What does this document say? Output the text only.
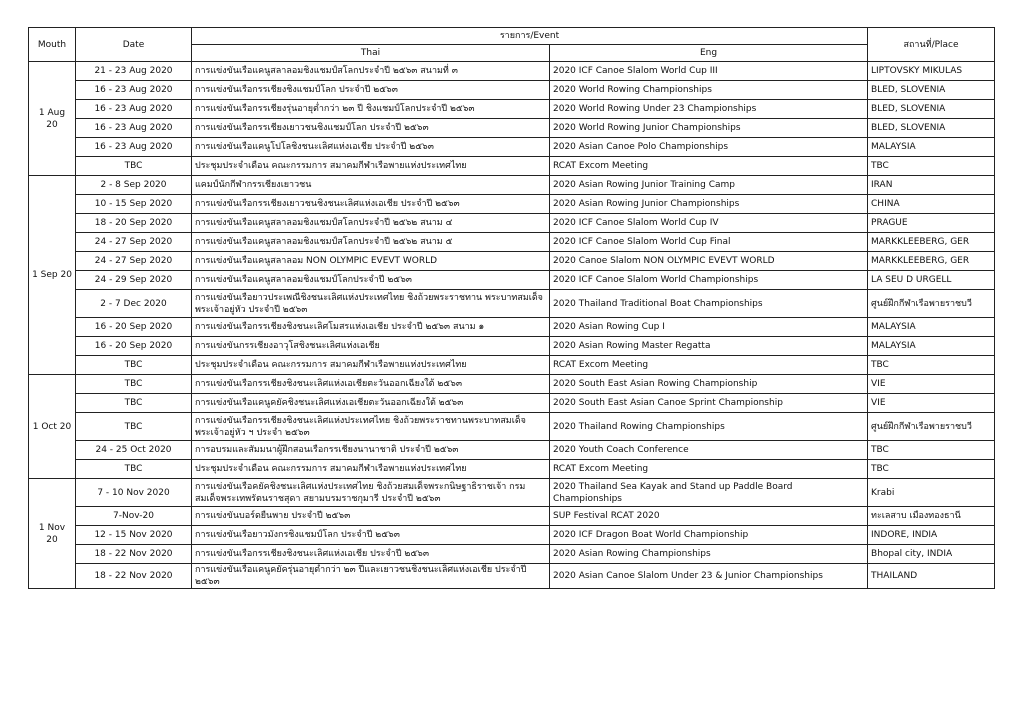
Mouth	Date	รายการ/Event		สถานที่/Place
		Thai	Eng	
1 Aug 20	21 - 23 Aug 2020	การแข่งขันเรือแคนูสลาลอมชิงแชมป์สโลกประจำปี ๒๕๖๓ สนามที่ ๓	2020 ICF Canoe Slalom World Cup III	LIPTOVSKY MIKULAS
	16 - 23 Aug 2020	การแข่งขันเรือกรรเชียงชิงแชมป์โลก ประจำปี ๒๕๖๓	2020 World Rowing Championships	BLED, SLOVENIA
	16 - 23 Aug 2020	การแข่งขันเรือกรรเชียงรุ่นอายุต่ำกว่า ๒๓ ปี ชิงแชมป์โลกประจำปี ๒๕๖๓	2020 World Rowing Under 23 Championships	BLED, SLOVENIA
	16 - 23 Aug 2020	การแข่งขันเรือกรรเชียงเยาวชนชิงแชมป์โลก ประจำปี ๒๕๖๓	2020 World Rowing Junior Championships	BLED, SLOVENIA
	16 - 23 Aug 2020	การแข่งขันเรือแคนูโปโลชิงชนะเลิศแห่งเอเชีย ประจำปี ๒๕๖๓	2020 Asian Canoe Polo Championships	MALAYSIA
	TBC	ประชุมประจำเดือน คณะกรรมการ สมาคมกีฬาเรือพายแห่งประเทศไทย	RCAT Excom Meeting	TBC
1 Sep 20	2 - 8 Sep 2020	แคมป์นักกีฬากรรเชียงเยาวชน	2020 Asian Rowing Junior Training Camp	IRAN
	10 - 15 Sep 2020	การแข่งขันเรือกรรเชียงเยาวชนชิงชนะเลิศแห่งเอเชีย ประจำปี ๒๕๖๓	2020 Asian Rowing Junior Championships	CHINA
	18 - 20 Sep 2020	การแข่งขันเรือแคนูสลาลอมชิงแชมป์สโลกประจำปี ๒๕๖๒ สนาม ๔	2020 ICF Canoe Slalom World Cup IV	PRAGUE
	24 - 27 Sep 2020	การแข่งขันเรือแคนูสลาลอมชิงแชมป์สโลกประจำปี ๒๕๖๒ สนาม ๕	2020 ICF Canoe Slalom World Cup Final	MARKKLEEBERG, GER
	24 - 27 Sep 2020	การแข่งขันเรือแคนูสลาลอม NON OLYMPIC EVEVT WORLD	2020 Canoe Slalom NON OLYMPIC EVEVT WORLD	MARKKLEEBERG, GER
	24 - 29 Sep 2020	การแข่งขันเรือแคนูสลาลอมชิงแชมป์โลกประจำปี ๒๕๖๓	2020 ICF Canoe Slalom World Championships	LA SEU D URGELL
	2 - 7 Dec 2020	การแข่งขันเรือยาวประเพณีชิงชนะเลิศแห่งประเทศไทย ชิงถ้วยพระราชทาน พระบาทสมเด็จพระเจ้าอยู่หัว ประจำปี ๒๕๖๓	2020 Thailand Traditional Boat Championships	ศูนย์ฝึกกีฬาเรือพายราชบวี
	16 - 20 Sep 2020	การแข่งขันเรือกรรเชียงชิงชนะเลิศโมสรแห่งเอเชีย ประจำปี ๒๕๖๓ สนาม ๑	2020 Asian Rowing Cup I	MALAYSIA
	16 - 20 Sep 2020	การแข่งขันกรรเชียงอาวุโสชิงชนะเลิศแห่งเอเชีย	2020 Asian Rowing Master Regatta	MALAYSIA
	TBC	ประชุมประจำเดือน คณะกรรมการ สมาคมกีฬาเรือพายแห่งประเทศไทย	RCAT Excom Meeting	TBC
1 Oct 20	TBC	การแข่งขันเรือกรรเชียงชิงชนะเลิศแห่งเอเชียตะวันออกเฉียงใต้ ๒๕๖๓	2020 South East Asian Rowing Championship	VIE
	TBC	การแข่งขันเรือแคนูคยัคชิงชนะเลิศแห่งเอเชียตะวันออกเฉียงใต้ ๒๕๖๓	2020 South East Asian Canoe Sprint Championship	VIE
	TBC	การแข่งขันเรือกรรเชียงชิงชนะเลิศแห่งประเทศไทย ชิงถ้วยพระราชทานพระบาทสมเด็จ พระเจ้าอยู่หัว ฯ ประจำ ๒๕๖๓	2020 Thailand Rowing Championships	ศูนย์ฝึกกีฬาเรือพายราชบวี
	24 - 25 Oct 2020	การอบรมและสัมมนาผู้ฝึกสอนเรือกรรเชียงนานาชาติ ประจำปี ๒๕๖๓	2020 Youth Coach Conference	TBC
	TBC	ประชุมประจำเดือน คณะกรรมการ สมาคมกีฬาเรือพายแห่งประเทศไทย	RCAT Excom Meeting	TBC
1 Nov 20	7 - 10 Nov 2020	การแข่งขันเรือคยัคชิงชนะเลิศแห่งประเทศไทย ชิงถ้วยสมเด็จพระกนิษฐาธิราชเจ้า กรม สมเด็จพระเทพรัตนราชสุดา สยามบรมราชกุมารี ประจำปี ๒๕๖๓	2020 Thailand Sea Kayak and Stand up Paddle Board Championships	Krabi
	7-Nov-20	การแข่งขันบอร์ดยืนพาย ประจำปี ๒๕๖๓	SUP Festival RCAT 2020	ทะเลสาบ เมืองทองธานี
	12 - 15 Nov 2020	การแข่งขันเรือยาวมังกรชิงแชมป์โลก ประจำปี ๒๕๖๓	2020 ICF Dragon Boat World Championship	INDORE, INDIA
	18 - 22 Nov 2020	การแข่งขันเรือกรรเชียงชิงชนะเลิศแห่งเอเชีย ประจำปี ๒๕๖๓	2020 Asian Rowing Championships	Bhopal city, INDIA
	18 - 22 Nov 2020	การแข่งขันเรือแคนูคยัครุ่นอายุต่ำกว่า ๒๓ ปีและเยาวชนชิงชนะเลิศแห่งเอเชีย ประจำปี ๒๕๖๓	2020 Asian Canoe Slalom Under 23 & Junior Championships	THAILAND
